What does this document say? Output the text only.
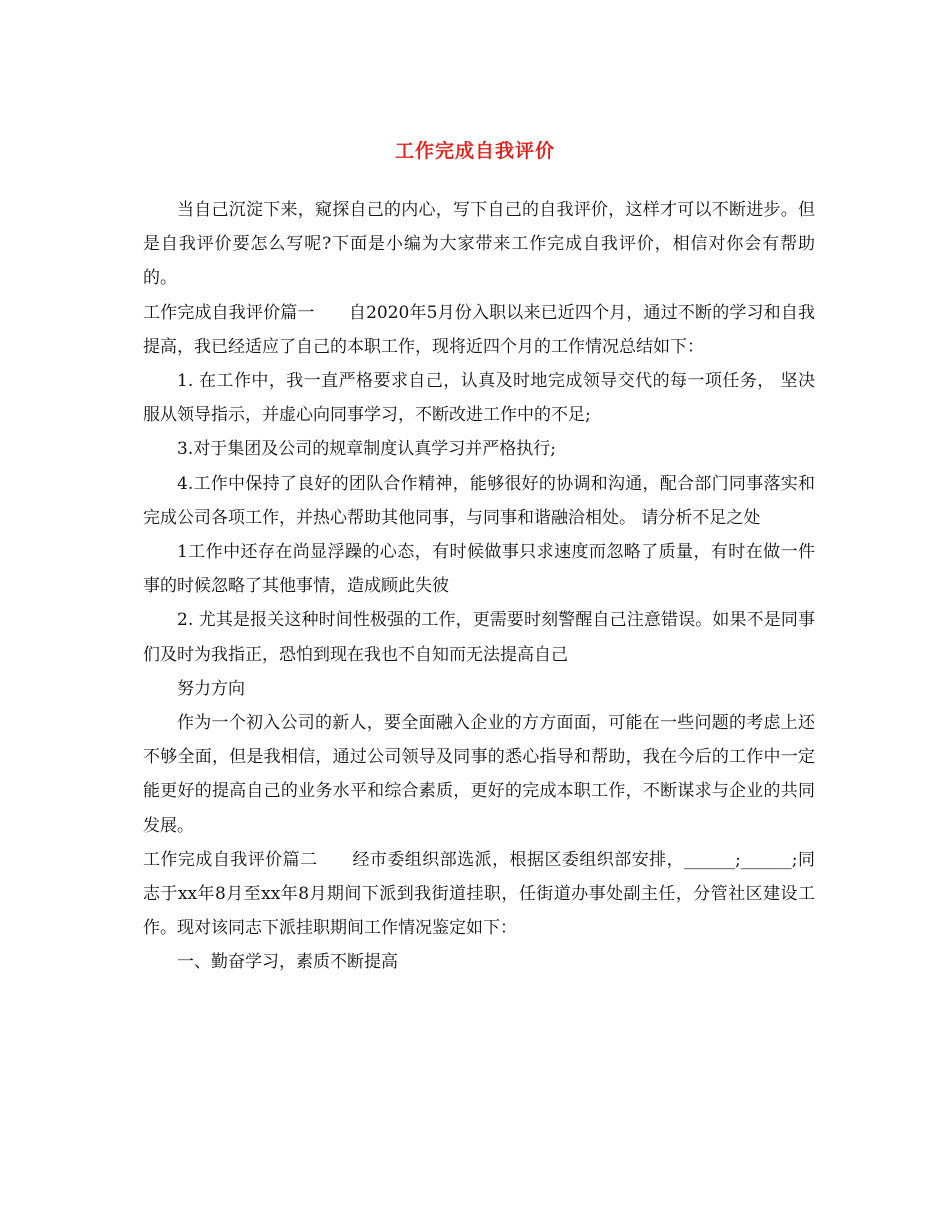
工作完成自我评价

当自己沉淀下来，窥探自己的内心，写下自己的自我评价，这样才可以不断进步。但是自我评价要怎么写呢?下面是小编为大家带来工作完成自我评价，相信对你会有帮助的。

工作完成自我评价篇一　　自2020年5月份入职以来已近四个月，通过不断的学习和自我提高，我已经适应了自己的本职工作，现将近四个月的工作情况总结如下：

1. 在工作中，我一直严格要求自己，认真及时地完成领导交代的每一项任务， 坚决服从领导指示，并虚心向同事学习，不断改进工作中的不足;

3.对于集团及公司的规章制度认真学习并严格执行;

4.工作中保持了良好的团队合作精神，能够很好的协调和沟通，配合部门同事落实和完成公司各项工作，并热心帮助其他同事，与同事和谐融洽相处。 请分析不足之处

1工作中还存在尚显浮躁的心态，有时候做事只求速度而忽略了质量，有时在做一件事的时候忽略了其他事情，造成顾此失彼

2. 尤其是报关这种时间性极强的工作，更需要时刻警醒自己注意错误。如果不是同事们及时为我指正，恐怕到现在我也不自知而无法提高自己

努力方向

作为一个初入公司的新人，要全面融入企业的方方面面，可能在一些问题的考虑上还不够全面，但是我相信，通过公司领导及同事的悉心指导和帮助，我在今后的工作中一定能更好的提高自己的业务水平和综合素质，更好的完成本职工作，不断谋求与企业的共同发展。

工作完成自我评价篇二　　经市委组织部选派，根据区委组织部安排，______;______;同志于xx年8月至xx年8月期间下派到我街道挂职，任街道办事处副主任，分管社区建设工作。现对该同志下派挂职期间工作情况鉴定如下：

一、勤奋学习，素质不断提高
